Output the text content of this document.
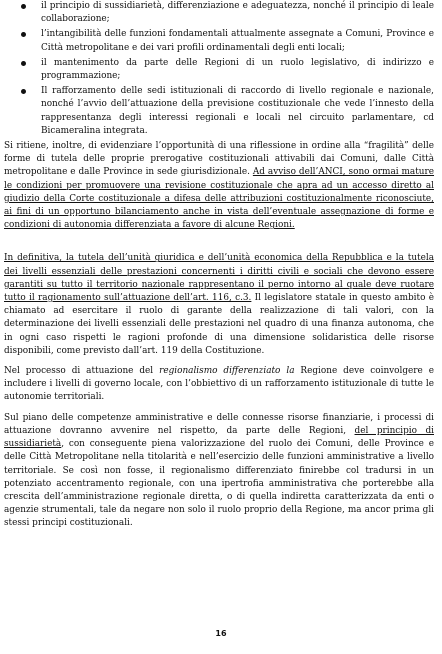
il principio di sussidiarietà, differenziazione e adeguatezza, nonché il principio di leale collaborazione;
l’intangibilità delle funzioni fondamentali attualmente assegnate a Comuni, Province e Città metropolitane e dei vari profili ordinamentali degli enti locali;
il mantenimento da parte delle Regioni di un ruolo legislativo, di indirizzo e programmazione;
Il rafforzamento delle sedi istituzionali di raccordo di livello regionale e nazionale, nonché l’avvio dell’attuazione della previsione costituzionale che vede l’innesto della rappresentanza degli interessi regionali e locali nel circuito parlamentare, cd Bicameralina integrata.

Si ritiene, inoltre, di evidenziare l’opportunità di una riflessione in ordine alla “fragilità” delle forme di tutela delle proprie prerogative costituzionali attivabili dai Comuni, dalle Città metropolitane e dalle Province in sede giurisdizionale. Ad avviso dell’ANCI, sono ormai mature le condizioni per promuovere una revisione costituzionale che apra ad un accesso diretto al giudizio della Corte costituzionale a difesa delle attribuzioni costituzionalmente riconosciute, ai fini di un opportuno bilanciamento anche in vista dell’eventuale assegnazione di forme e condizioni di autonomia differenziata a favore di alcune Regioni.

In definitiva, la tutela dell’unità giuridica e dell’unità economica della Repubblica e la tutela dei livelli essenziali delle prestazioni concernenti i diritti civili e sociali che devono essere garantiti su tutto il territorio nazionale rappresentano il perno intorno al quale deve ruotare tutto il ragionamento sull’attuazione dell’art. 116, c.3. Il legislatore statale in questo ambito è chiamato ad esercitare il ruolo di garante della realizzazione di tali valori, con la determinazione dei livelli essenziali delle prestazioni nel quadro di una finanza autonoma, che in ogni caso rispetti le ragioni profonde di una dimensione solidaristica delle risorse disponibili, come previsto dall’art. 119 della Costituzione.

Nel processo di attuazione del regionalismo differenziato la Regione deve coinvolgere e includere i livelli di governo locale, con l’obbiettivo di un rafforzamento istituzionale di tutte le autonomie territoriali.

Sul piano delle competenze amministrative e delle connesse risorse finanziarie, i processi di attuazione dovranno avvenire nel rispetto, da parte delle Regioni, del principio di sussidiarietà, con conseguente piena valorizzazione del ruolo dei Comuni, delle Province e delle Città Metropolitane nella titolarità e nell’esercizio delle funzioni amministrative a livello territoriale. Se così non fosse, il regionalismo differenziato finirebbe col tradursi in un potenziato accentramento regionale, con una ipertrofia amministrativa che porterebbe alla crescita dell’amministrazione regionale diretta, o di quella indiretta caratterizzata da enti o agenzie strumentali, tale da negare non solo il ruolo proprio della Regione, ma ancor prima gli stessi principi costituzionali.

16
